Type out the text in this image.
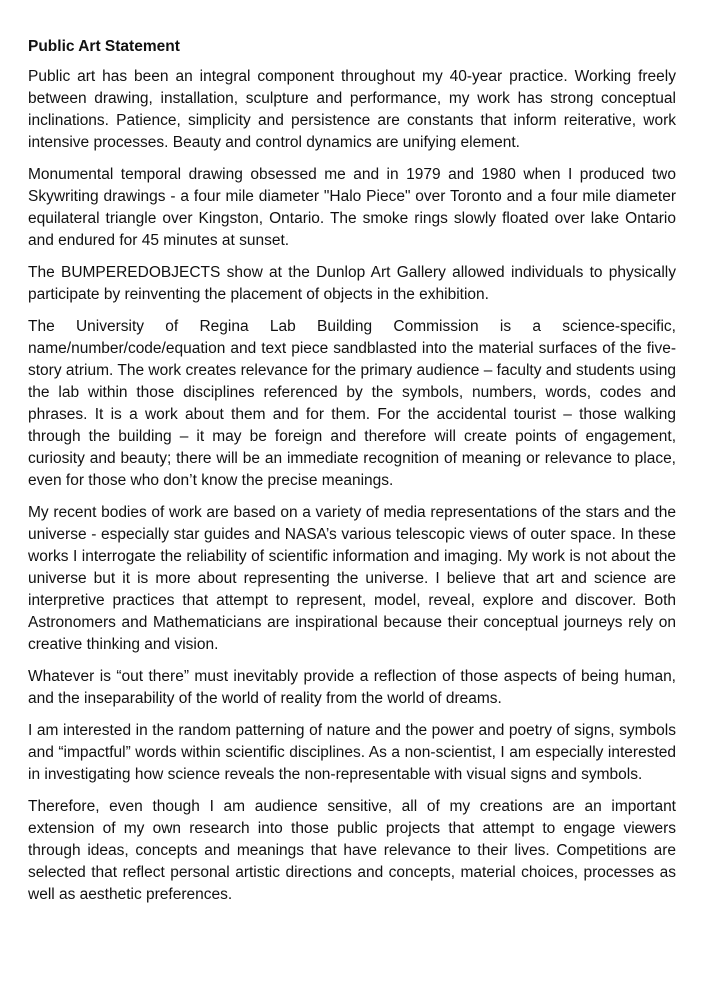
Public Art Statement

Public art has been an integral component throughout my 40-year practice. Working freely between drawing, installation, sculpture and performance, my work has strong conceptual inclinations. Patience, simplicity and persistence are constants that inform reiterative, work intensive processes. Beauty and control dynamics are unifying element.

Monumental temporal drawing obsessed me and in 1979 and 1980 when I produced two Skywriting drawings - a four mile diameter "Halo Piece" over Toronto and a four mile diameter equilateral triangle over Kingston, Ontario. The smoke rings slowly floated over lake Ontario and endured for 45 minutes at sunset.

The BUMPEREDOBJECTS show at the Dunlop Art Gallery allowed individuals to physically participate by reinventing the placement of objects in the exhibition.

The University of Regina Lab Building Commission is a science-specific, name/number/code/equation and text piece sandblasted into the material surfaces of the five-story atrium. The work creates relevance for the primary audience – faculty and students using the lab within those disciplines referenced by the symbols, numbers, words, codes and phrases. It is a work about them and for them. For the accidental tourist – those walking through the building – it may be foreign and therefore will create points of engagement, curiosity and beauty; there will be an immediate recognition of meaning or relevance to place, even for those who don’t know the precise meanings.

My recent bodies of work are based on a variety of media representations of the stars and the universe - especially star guides and NASA’s various telescopic views of outer space. In these works I interrogate the reliability of scientific information and imaging. My work is not about the universe but it is more about representing the universe. I believe that art and science are interpretive practices that attempt to represent, model, reveal, explore and discover. Both Astronomers and Mathematicians are inspirational because their conceptual journeys rely on creative thinking and vision.

Whatever is “out there” must inevitably provide a reflection of those aspects of being human, and the inseparability of the world of reality from the world of dreams.

I am interested in the random patterning of nature and the power and poetry of signs, symbols and “impactful” words within scientific disciplines. As a non-scientist, I am especially interested in investigating how science reveals the non-representable with visual signs and symbols.

Therefore, even though I am audience sensitive, all of my creations are an important extension of my own research into those public projects that attempt to engage viewers through ideas, concepts and meanings that have relevance to their lives. Competitions are selected that reflect personal artistic directions and concepts, material choices, processes as well as aesthetic preferences.
